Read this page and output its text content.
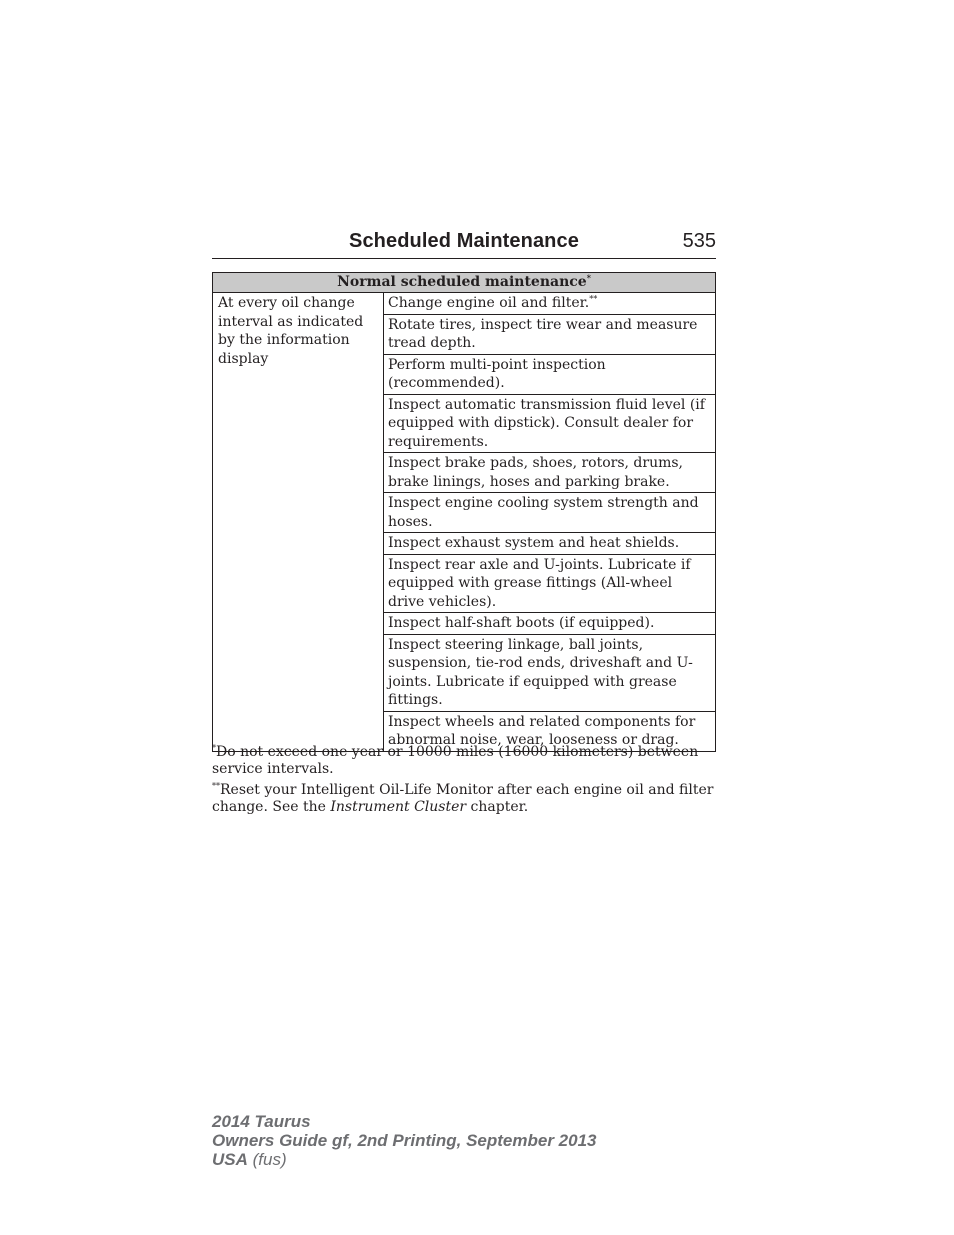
Scheduled Maintenance	535
Normal scheduled maintenance*
At every oil change interval as indicated by the information display	Change engine oil and filter.**
Rotate tires, inspect tire wear and measure tread depth.
Perform multi-point inspection (recommended).
Inspect automatic transmission fluid level (if equipped with dipstick). Consult dealer for requirements.
Inspect brake pads, shoes, rotors, drums, brake linings, hoses and parking brake.
Inspect engine cooling system strength and hoses.
Inspect exhaust system and heat shields.
Inspect rear axle and U-joints. Lubricate if equipped with grease fittings (All-wheel drive vehicles).
Inspect half-shaft boots (if equipped).
Inspect steering linkage, ball joints, suspension, tie-rod ends, driveshaft and U-joints. Lubricate if equipped with grease fittings.
Inspect wheels and related components for abnormal noise, wear, looseness or drag.

*Do not exceed one year or 10000 miles (16000 kilometers) between service intervals.

**Reset your Intelligent Oil-Life Monitor after each engine oil and filter change. See the Instrument Cluster chapter.

2014 Taurus
Owners Guide gf, 2nd Printing, September 2013
USA (fus)
